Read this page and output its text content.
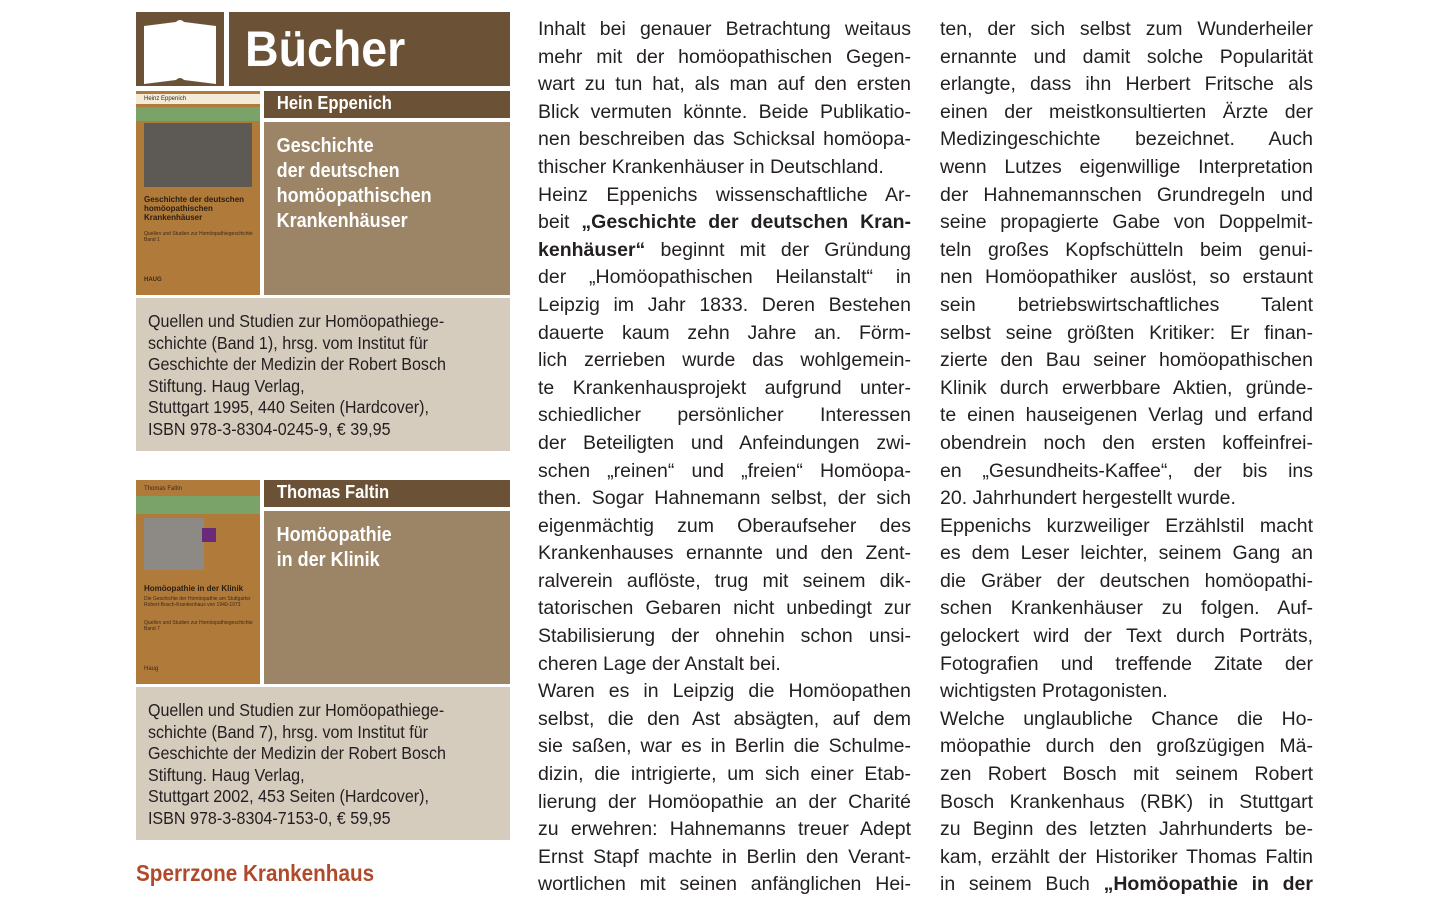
Bücher
Heinz Eppenich
Geschichte der deutschen
homöopathischen
Krankenhäuser
Quellen und Studien zur Homöopathiegeschichte
Band 1
HAUG
Hein Eppenich
Geschichte
der deutschen
homöopathischen
Krankenhäuser
Quellen und Studien zur Homöopathiege-
schichte (Band 1), hrsg. vom Institut für
Geschichte der Medizin der Robert Bosch
Stiftung. Haug Verlag,
Stuttgart 1995, 440 Seiten (Hardcover),
ISBN 978-3-8304-0245-9, € 39,95
Thomas Faltin
Homöopathie in der Klinik
Die Geschichte der Homöopathie am Stuttgarter
Robert-Bosch-Krankenhaus von 1940-1973
Quellen und Studien zur Homöopathiegeschichte
Band 7
Haug
Thomas Faltin
Homöopathie
in der Klinik
Quellen und Studien zur Homöopathiege-
schichte (Band 7), hrsg. vom Institut für
Geschichte der Medizin der Robert Bosch
Stiftung. Haug Verlag,
Stuttgart 2002, 453 Seiten (Hardcover),
ISBN 978-3-8304-7153-0, € 59,95
Sperrzone Krankenhaus
Inhalt bei genauer Betrachtung weitaus
mehr mit der homöopathischen Gegen-
wart zu tun hat, als man auf den ersten
Blick vermuten könnte. Beide Publikatio-
nen beschreiben das Schicksal homöopa-
thischer Krankenhäuser in Deutschland.
Heinz Eppenichs wissenschaftliche Ar-
beit „Geschichte der deutschen Kran-
kenhäuser“ beginnt mit der Gründung
der „Homöopathischen Heilanstalt“ in
Leipzig im Jahr 1833. Deren Bestehen
dauerte kaum zehn Jahre an. Förm-
lich zerrieben wurde das wohlgemein-
te Krankenhausprojekt aufgrund unter-
schiedlicher persönlicher Interessen
der Beteiligten und Anfeindungen zwi-
schen „reinen“ und „freien“ Homöopa-
then. Sogar Hahnemann selbst, der sich
eigenmächtig zum Oberaufseher des
Krankenhauses ernannte und den Zent-
ralverein auflöste, trug mit seinem dik-
tatorischen Gebaren nicht unbedingt zur
Stabilisierung der ohnehin schon unsi-
cheren Lage der Anstalt bei.
Waren es in Leipzig die Homöopathen
selbst, die den Ast absägten, auf dem
sie saßen, war es in Berlin die Schulme-
dizin, die intrigierte, um sich einer Etab-
lierung der Homöopathie an der Charité
zu erwehren: Hahnemanns treuer Adept
Ernst Stapf machte in Berlin den Verant-
wortlichen mit seinen anfänglichen Hei-
ten, der sich selbst zum Wunderheiler
ernannte und damit solche Popularität
erlangte, dass ihn Herbert Fritsche als
einen der meistkonsultierten Ärzte der
Medizingeschichte bezeichnet. Auch
wenn Lutzes eigenwillige Interpretation
der Hahnemannschen Grundregeln und
seine propagierte Gabe von Doppelmit-
teln großes Kopfschütteln beim genui-
nen Homöopathiker auslöst, so erstaunt
sein betriebswirtschaftliches Talent
selbst seine größten Kritiker: Er finan-
zierte den Bau seiner homöopathischen
Klinik durch erwerbbare Aktien, gründe-
te einen hauseigenen Verlag und erfand
obendrein noch den ersten koffeinfrei-
en „Gesundheits-Kaffee“, der bis ins
20. Jahrhundert hergestellt wurde.
Eppenichs kurzweiliger Erzählstil macht
es dem Leser leichter, seinem Gang an
die Gräber der deutschen homöopathi-
schen Krankenhäuser zu folgen. Auf-
gelockert wird der Text durch Porträts,
Fotografien und treffende Zitate der
wichtigsten Protagonisten.
Welche unglaubliche Chance die Ho-
möopathie durch den großzügigen Mä-
zen Robert Bosch mit seinem Robert
Bosch Krankenhaus (RBK) in Stuttgart
zu Beginn des letzten Jahrhunderts be-
kam, erzählt der Historiker Thomas Faltin
in seinem Buch „Homöopathie in der
